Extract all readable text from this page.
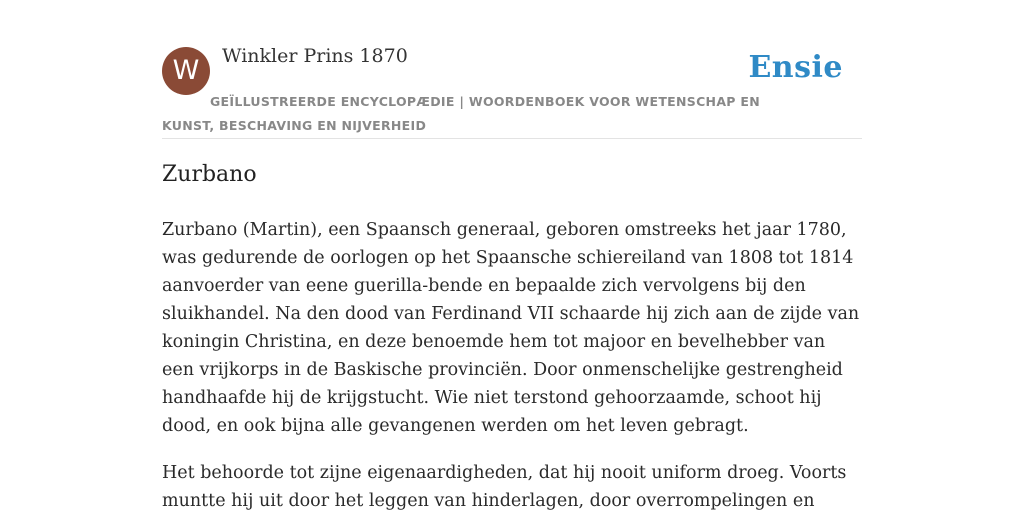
W	Winkler Prins 1870	Ensie

GEÏLLUSTREERDE ENCYCLOPÆDIE | WOORDENBOEK VOOR WETENSCHAP EN KUNST, BESCHAVING EN NIJVERHEID

Zurbano

Zurbano (Martin), een Spaansch generaal, geboren omstreeks het jaar 1780, was gedurende de oorlogen op het Spaansche schiereiland van 1808 tot 1814 aanvoerder van eene guerilla-bende en bepaalde zich vervolgens bij den sluikhandel. Na den dood van Ferdinand VII schaarde hij zich aan de zijde van koningin Christina, en deze benoemde hem tot majoor en bevelhebber van een vrijkorps in de Baskische provinciën. Door onmenschelijke gestrengheid handhaafde hij de krijgstucht. Wie niet terstond gehoorzaamde, schoot hij dood, en ook bijna alle gevangenen werden om het leven gebragt.

Het behoorde tot zijne eigenaardigheden, dat hij nooit uniform droeg. Voorts muntte hij uit door het leggen van hinderlagen, door overrompelingen en
